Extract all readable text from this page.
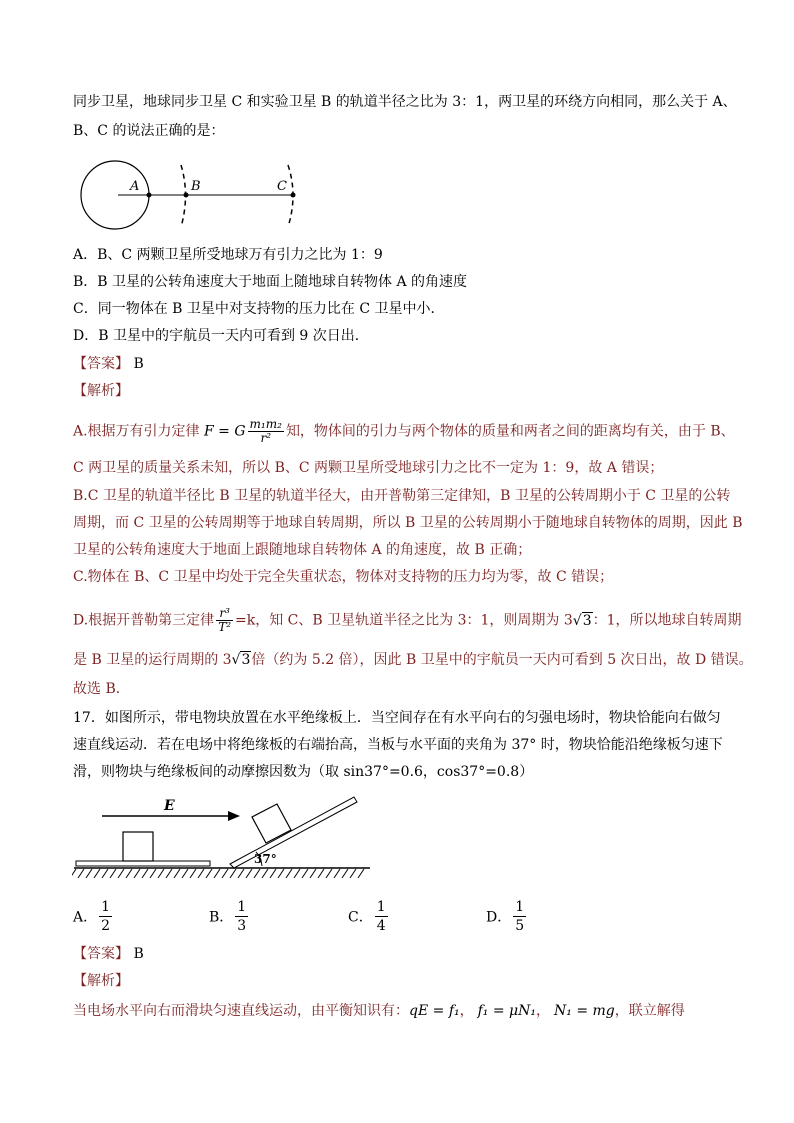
同步卫星，地球同步卫星 C 和实验卫星 B 的轨道半径之比为 3：1，两卫星的环绕方向相同，那么关于 A、
B、C 的说法正确的是：
A	B	C
A．B、C 两颗卫星所受地球万有引力之比为 1：9
B．B 卫星的公转角速度大于地面上随地球自转物体 A 的角速度
C．同一物体在 B 卫星中对支持物的压力比在 C 卫星中小．
D．B 卫星中的宇航员一天内可看到 9 次日出．
【答案】 B
【解析】
A.根据万有引力定律 F = G $\frac{\text{m₁m₂}}{\text{r²}}$ 知，物体间的引力与两个物体的质量和两者之间的距离均有关，由于 B、
C 两卫星的质量关系未知，所以 B、C 两颗卫星所受地球引力之比不一定为 1：9，故 A 错误；
B.C 卫星的轨道半径比 B 卫星的轨道半径大，由开普勒第三定律知，B 卫星的公转周期小于 C 卫星的公转
周期，而 C 卫星的公转周期等于地球自转周期，所以 B 卫星的公转周期小于随地球自转物体的周期，因此 B
卫星的公转角速度大于地面上跟随地球自转物体 A 的角速度，故 B 正确；
C.物体在 B、C 卫星中均处于完全失重状态，物体对支持物的压力均为零，故 C 错误；
D.根据开普勒第三定律 $\frac{\text{r³}}{\text{T²}} =k$，知 C、B 卫星轨道半径之比为 3：1，则周期为 3√3：1，所以地球自转周期
是 B 卫星的运行周期的 3√3倍（约为 5.2 倍），因此 B 卫星中的宇航员一天内可看到 5 次日出，故 D 错误。
故选 B．
17．如图所示，带电物块放置在水平绝缘板上．当空间存在有水平向右的匀强电场时，物块恰能向右做匀
速直线运动．若在电场中将绝缘板的右端抬高，当板与水平面的夹角为 37° 时，物块恰能沿绝缘板匀速下
滑，则物块与绝缘板间的动摩擦因数为（取 sin37°=0.6，cos37°=0.8）
E
37°
A． $\frac{1}{2}$	B． $\frac{1}{3}$	C． $\frac{1}{4}$	D． $\frac{1}{5}$
【答案】 B
【解析】
当电场水平向右而滑块匀速直线运动，由平衡知识有：qE = f₁， f₁ = μN₁， N₁ = mg，联立解得
